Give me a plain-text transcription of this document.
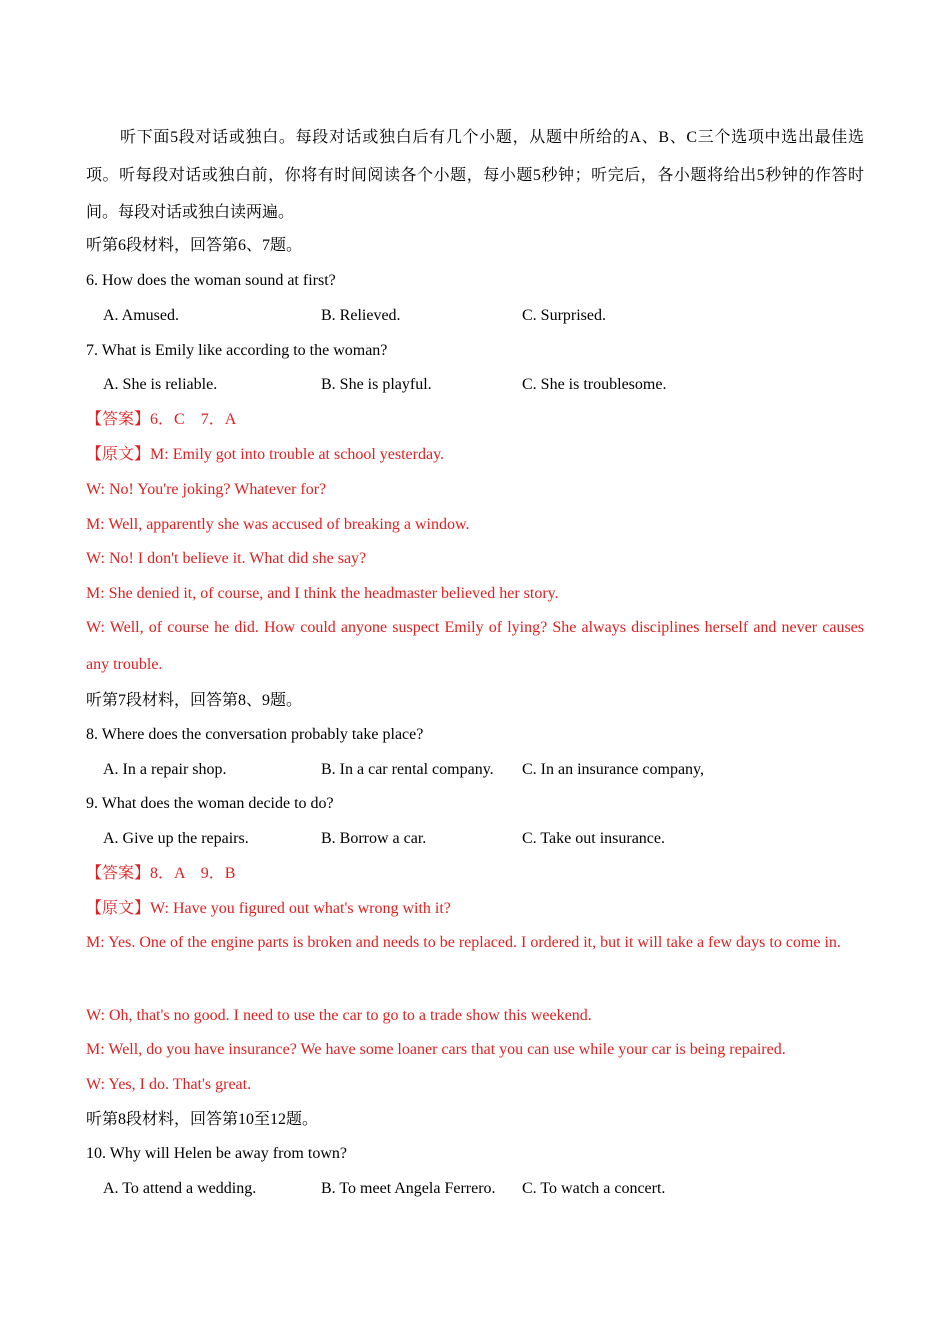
听下面5段对话或独白。每段对话或独白后有几个小题，从题中所给的A、B、C三个选项中选出最佳选项。听每段对话或独白前，你将有时间阅读各个小题，每小题5秒钟；听完后，各小题将给出5秒钟的作答时间。每段对话或独白读两遍。

听第6段材料，回答第6、7题。

6. How does the woman sound at first?

A. Amused.	B. Relieved.	C. Surprised.

7. What is Emily like according to the woman?

A. She is reliable.	B. She is playful.	C. She is troublesome.

【答案】6．C　7．A

【原文】M: Emily got into trouble at school yesterday.

W: No! You're joking? Whatever for?

M: Well, apparently she was accused of breaking a window.

W: No! I don't believe it. What did she say?

M: She denied it, of course, and I think the headmaster believed her story.

W: Well, of course he did. How could anyone suspect Emily of lying? She always disciplines herself and never causes any trouble.

听第7段材料，回答第8、9题。

8. Where does the conversation probably take place?

A. In a repair shop.	B. In a car rental company. C. In an insurance company,

9. What does the woman decide to do?

A. Give up the repairs.	B. Borrow a car.	C. Take out insurance.

【答案】8．A　9．B

【原文】W: Have you figured out what's wrong with it?

M: Yes. One of the engine parts is broken and needs to be replaced. I ordered it, but it will take a few days to come in.

W: Oh, that's no good. I need to use the car to go to a trade show this weekend.

M: Well, do you have insurance? We have some loaner cars that you can use while your car is being repaired.

W: Yes, I do. That's great.

听第8段材料，回答第10至12题。

10. Why will Helen be away from town?

A. To attend a wedding.	B. To meet Angela Ferrero. C. To watch a concert.
